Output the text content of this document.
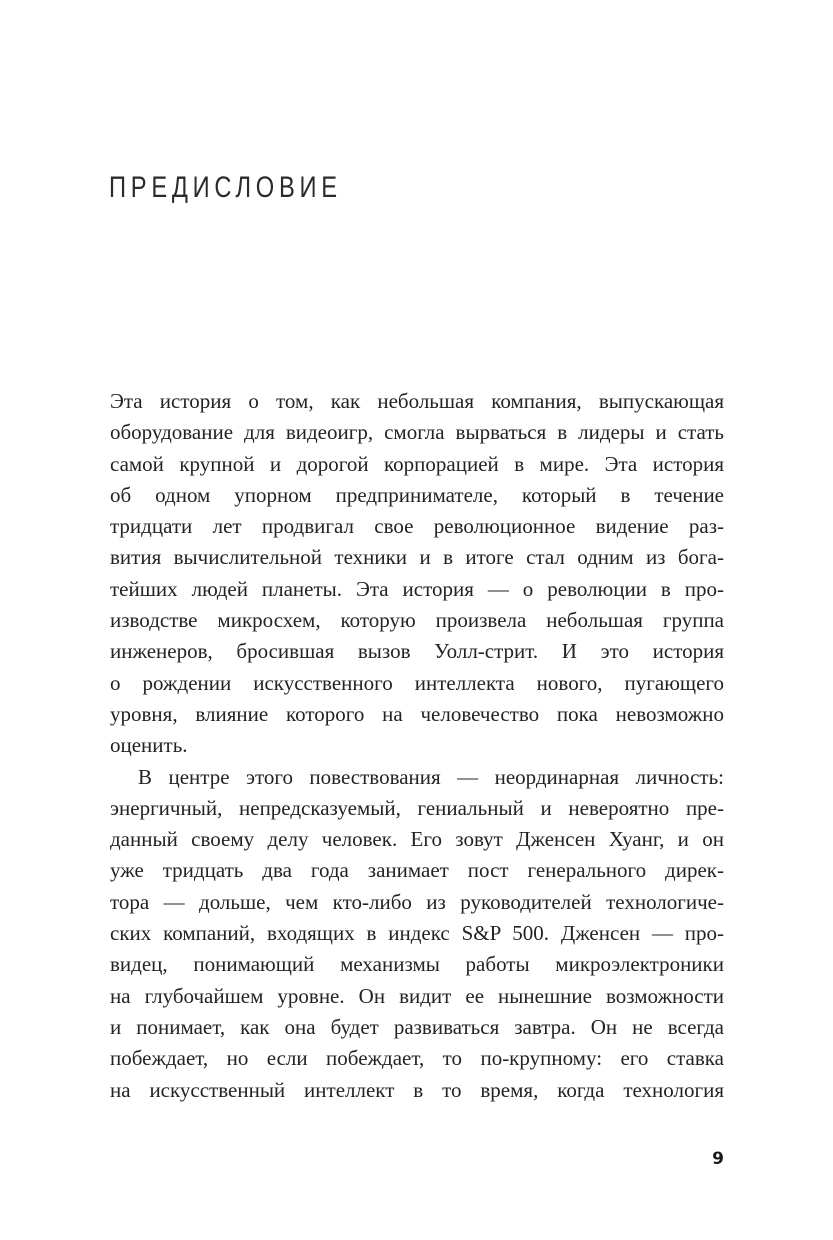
ПРЕДИСЛОВИЕ
Эта история о том, как небольшая компания, выпускающая
оборудование для видеоигр, смогла вырваться в лидеры и стать
самой крупной и дорогой корпорацией в мире. Эта история
об одном упорном предпринимателе, который в течение
тридцати лет продвигал свое революционное видение раз-
вития вычислительной техники и в итоге стал одним из бога-
тейших людей планеты. Эта история — о революции в про-
изводстве микросхем, которую произвела небольшая группа
инженеров, бросившая вызов Уолл-стрит. И это история
о рождении искусственного интеллекта нового, пугающего
уровня, влияние которого на человечество пока невозможно
оценить.
В центре этого повествования — неординарная личность:
энергичный, непредсказуемый, гениальный и невероятно пре-
данный своему делу человек. Его зовут Дженсен Хуанг, и он
уже тридцать два года занимает пост генерального дирек-
тора — дольше, чем кто-либо из руководителей технологиче-
ских компаний, входящих в индекс S&P 500. Дженсен — про-
видец, понимающий механизмы работы микроэлектроники
на глубочайшем уровне. Он видит ее нынешние возможности
и понимает, как она будет развиваться завтра. Он не всегда
побеждает, но если побеждает, то по-крупному: его ставка
на искусственный интеллект в то время, когда технология
9
